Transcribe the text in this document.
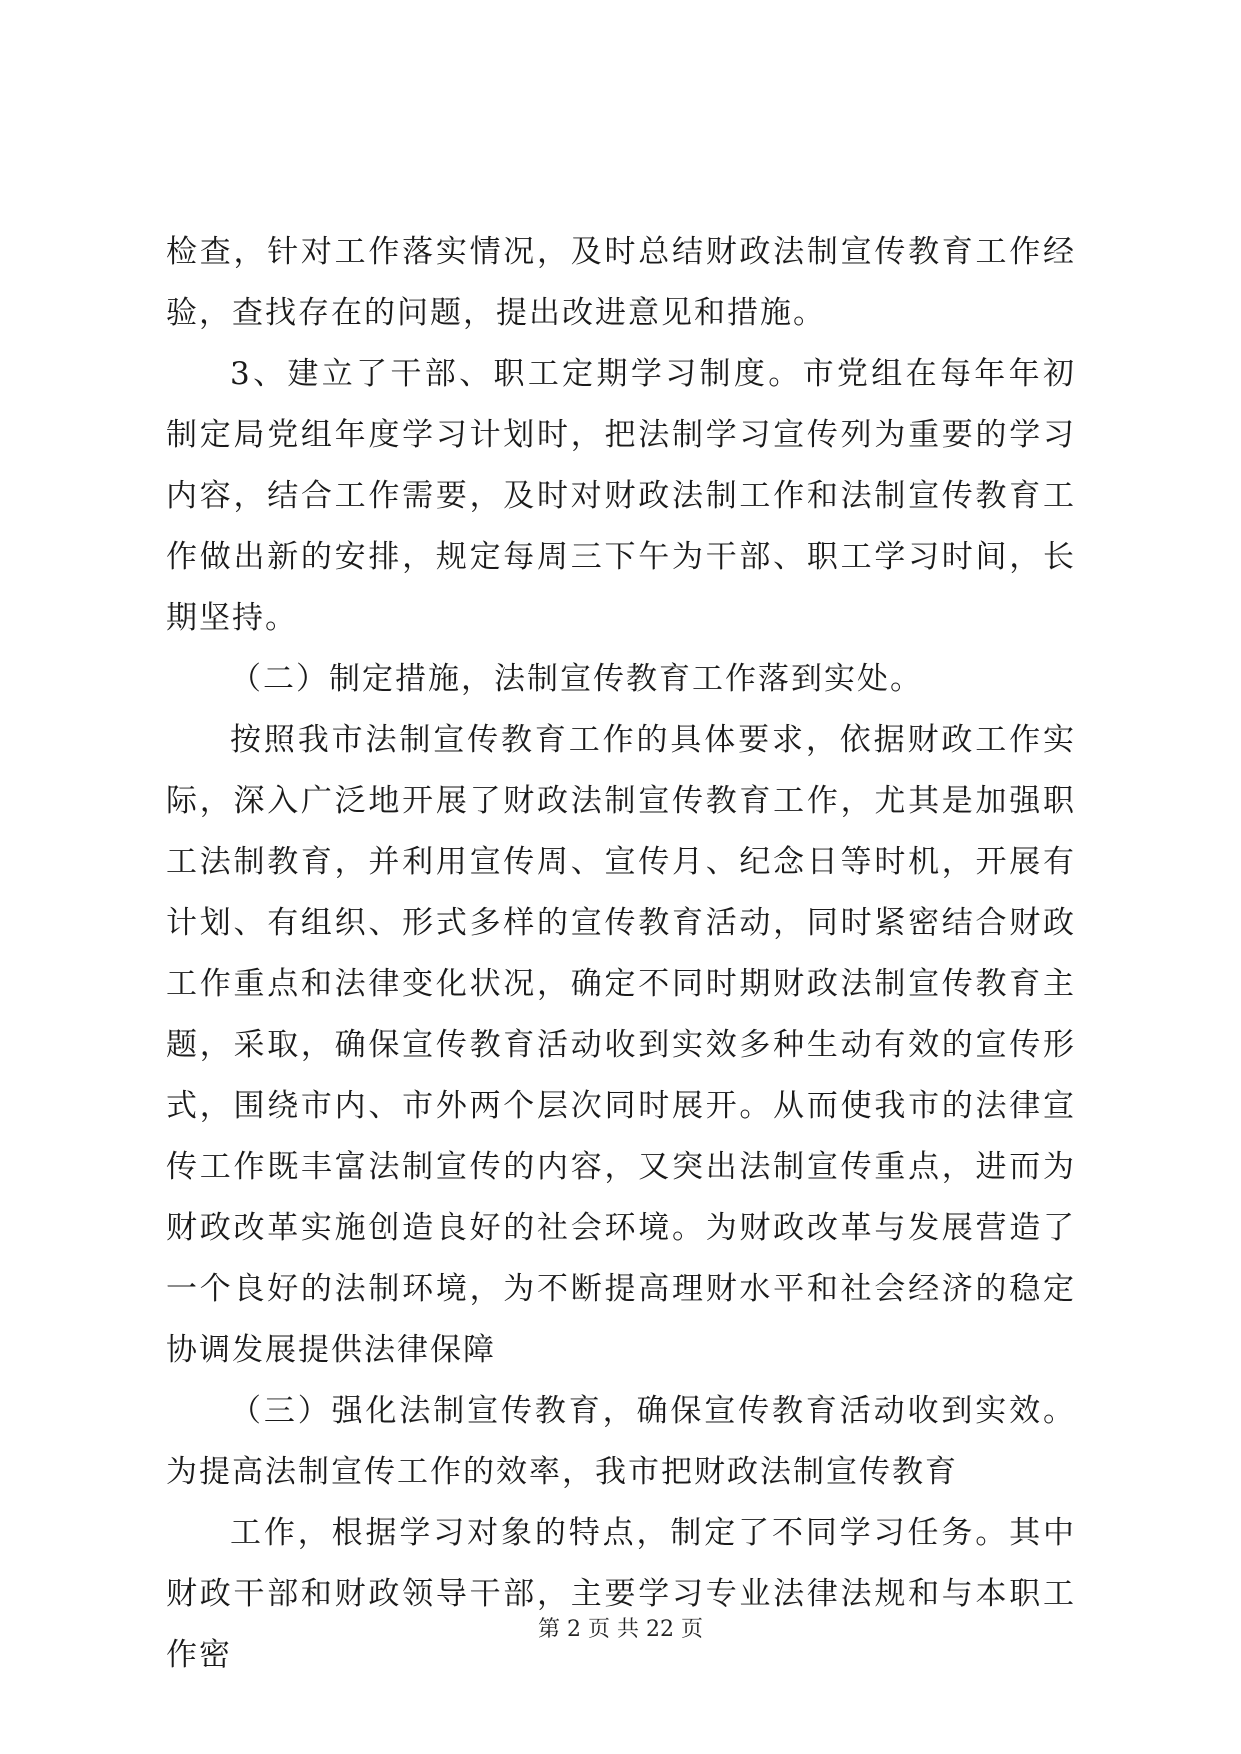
检查，针对工作落实情况，及时总结财政法制宣传教育工作经验，查找存在的问题，提出改进意见和措施。

3、建立了干部、职工定期学习制度。市党组在每年年初制定局党组年度学习计划时，把法制学习宣传列为重要的学习内容，结合工作需要，及时对财政法制工作和法制宣传教育工作做出新的安排，规定每周三下午为干部、职工学习时间，长期坚持。

（二）制定措施，法制宣传教育工作落到实处。

按照我市法制宣传教育工作的具体要求，依据财政工作实际，深入广泛地开展了财政法制宣传教育工作，尤其是加强职工法制教育，并利用宣传周、宣传月、纪念日等时机，开展有计划、有组织、形式多样的宣传教育活动，同时紧密结合财政工作重点和法律变化状况，确定不同时期财政法制宣传教育主题，采取，确保宣传教育活动收到实效多种生动有效的宣传形式，围绕市内、市外两个层次同时展开。从而使我市的法律宣传工作既丰富法制宣传的内容，又突出法制宣传重点，进而为财政改革实施创造良好的社会环境。为财政改革与发展营造了一个良好的法制环境，为不断提高理财水平和社会经济的稳定协调发展提供法律保障

（三）强化法制宣传教育，确保宣传教育活动收到实效。为提高法制宣传工作的效率，我市把财政法制宣传教育

工作，根据学习对象的特点，制定了不同学习任务。其中财政干部和财政领导干部，主要学习专业法律法规和与本职工作密

第 2 页 共 22 页
